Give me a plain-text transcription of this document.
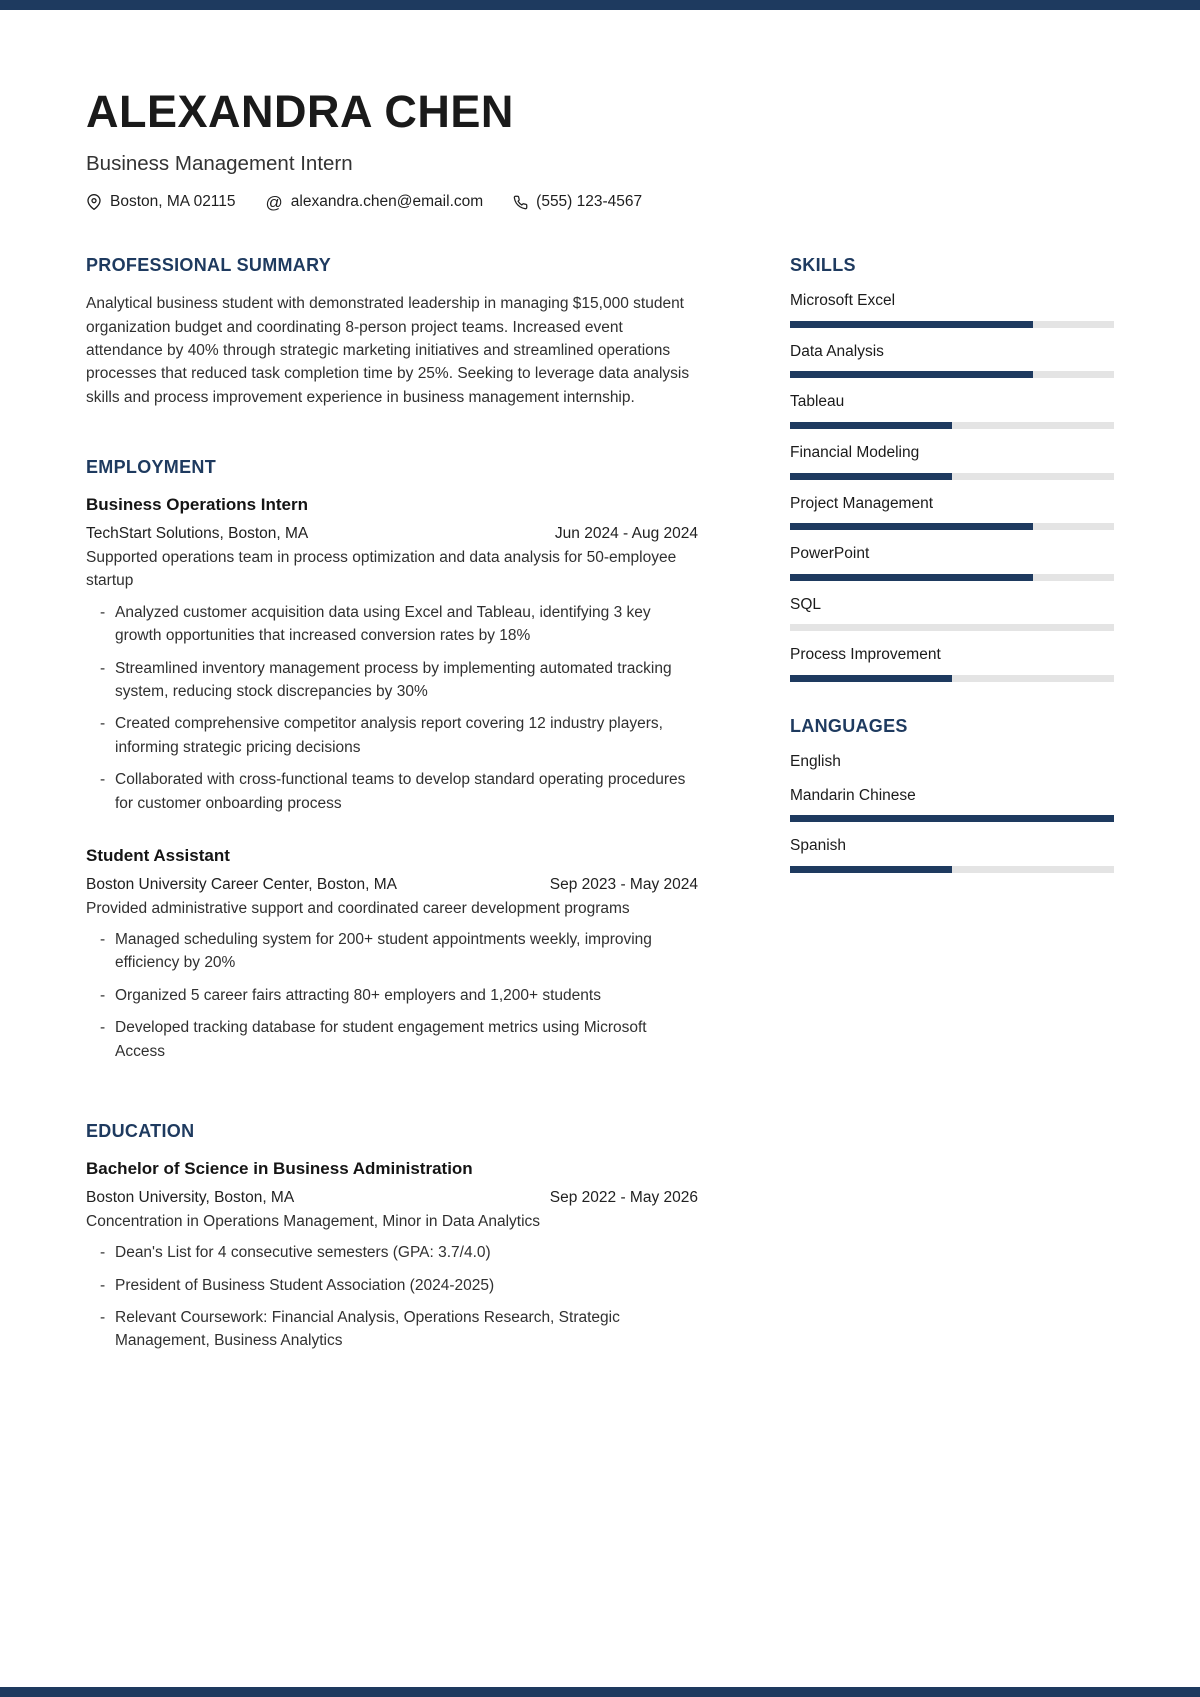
ALEXANDRA CHEN
Business Management Intern
Boston, MA 02115 @ alexandra.chen@email.com	(555) 123-4567
PROFESSIONAL SUMMARY

Analytical business student with demonstrated leadership in managing $15,000 student organization budget and coordinating 8-person project teams. Increased event attendance by 40% through strategic marketing initiatives and streamlined operations processes that reduced task completion time by 25%. Seeking to leverage data analysis skills and process improvement experience in business management internship.

EMPLOYMENT
Business Operations Intern
TechStart Solutions, Boston, MA	Jun 2024 - Aug 2024

Supported operations team in process optimization and data analysis for 50-employee startup

- Analyzed customer acquisition data using Excel and Tableau, identifying 3 key growth opportunities that increased conversion rates by 18%
- Streamlined inventory management process by implementing automated tracking system, reducing stock discrepancies by 30%
- Created comprehensive competitor analysis report covering 12 industry players, informing strategic pricing decisions
- Collaborated with cross-functional teams to develop standard operating procedures for customer onboarding process
Student Assistant
Boston University Career Center, Boston, MA	Sep 2023 - May 2024

Provided administrative support and coordinated career development programs

- Managed scheduling system for 200+ student appointments weekly, improving efficiency by 20%
- Organized 5 career fairs attracting 80+ employers and 1,200+ students
- Developed tracking database for student engagement metrics using Microsoft Access
EDUCATION
Bachelor of Science in Business Administration
Boston University, Boston, MA	Sep 2022 - May 2026

Concentration in Operations Management, Minor in Data Analytics

- Dean's List for 4 consecutive semesters (GPA: 3.7/4.0)
- President of Business Student Association (2024-2025)
- Relevant Coursework: Financial Analysis, Operations Research, Strategic Management, Business Analytics
SKILLS
Microsoft Excel
Data Analysis
Tableau
Financial Modeling
Project Management
PowerPoint
SQL
Process Improvement
LANGUAGES
English
Mandarin Chinese
Spanish
